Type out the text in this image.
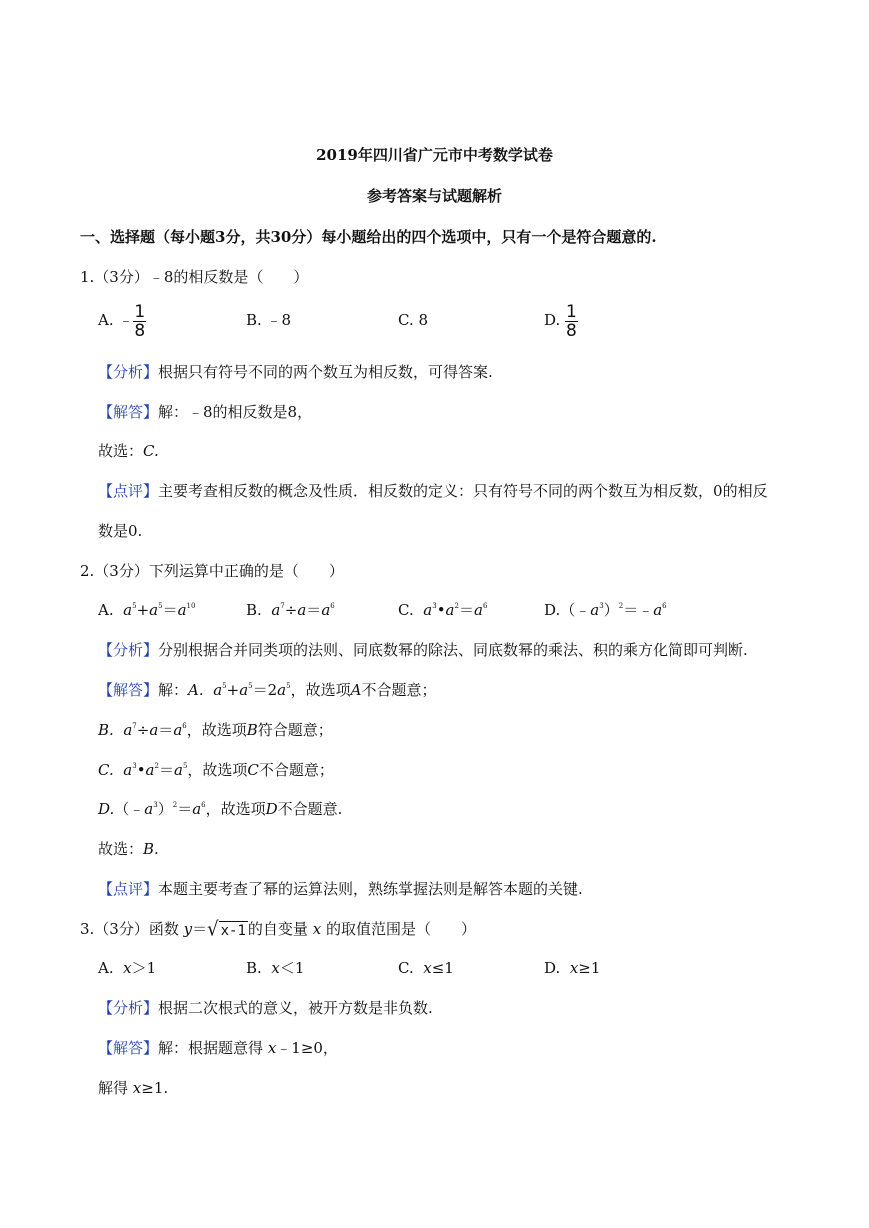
2019年四川省广元市中考数学试卷
参考答案与试题解析
一、选择题（每小题3分，共30分）每小题给出的四个选项中，只有一个是符合题意的.
1.（3分）﹣8的相反数是（　　）
A. ﹣ $\frac{1}{8}$	B. ﹣8	C. 8	D. $\frac{1}{8}$
【分析】根据只有符号不同的两个数互为相反数，可得答案.
【解答】解：﹣8的相反数是8，
故选：C.
【点评】主要考查相反数的概念及性质．相反数的定义：只有符号不同的两个数互为相反数，0的相反
数是0.
2.（3分）下列运算中正确的是（　　）
A. $a^5+a^5=a^{10}$	B. $a^7\div a=a^6$	C. $a^3•a^2=a^6$	$D.(﹣a^3)^2=﹣a^6$
【分析】分别根据合并同类项的法则、同底数幂的除法、同底数幂的乘法、积的乘方化简即可判断.
【解答】解：A. $a^5+a^5=2a^5$，故选项A不合题意；
B. $a^7\div a=a^6$，故选项B符合题意；
C. $a^3•a^2=a^5$，故选项C不合题意；
$D.(﹣a^3)^2=a^6$，故选项D不合题意.
故选：B.
【点评】本题主要考查了幂的运算法则，熟练掌握法则是解答本题的关键.
3.（3分）函数 y＝√ x-1 的自变量 x 的取值范围是（　　）
A. x＞1	B. x＜1	C. x≤1	D. x≥1
【分析】根据二次根式的意义，被开方数是非负数.
【解答】解：根据题意得 x﹣1≥0，
解得 x≥1.
